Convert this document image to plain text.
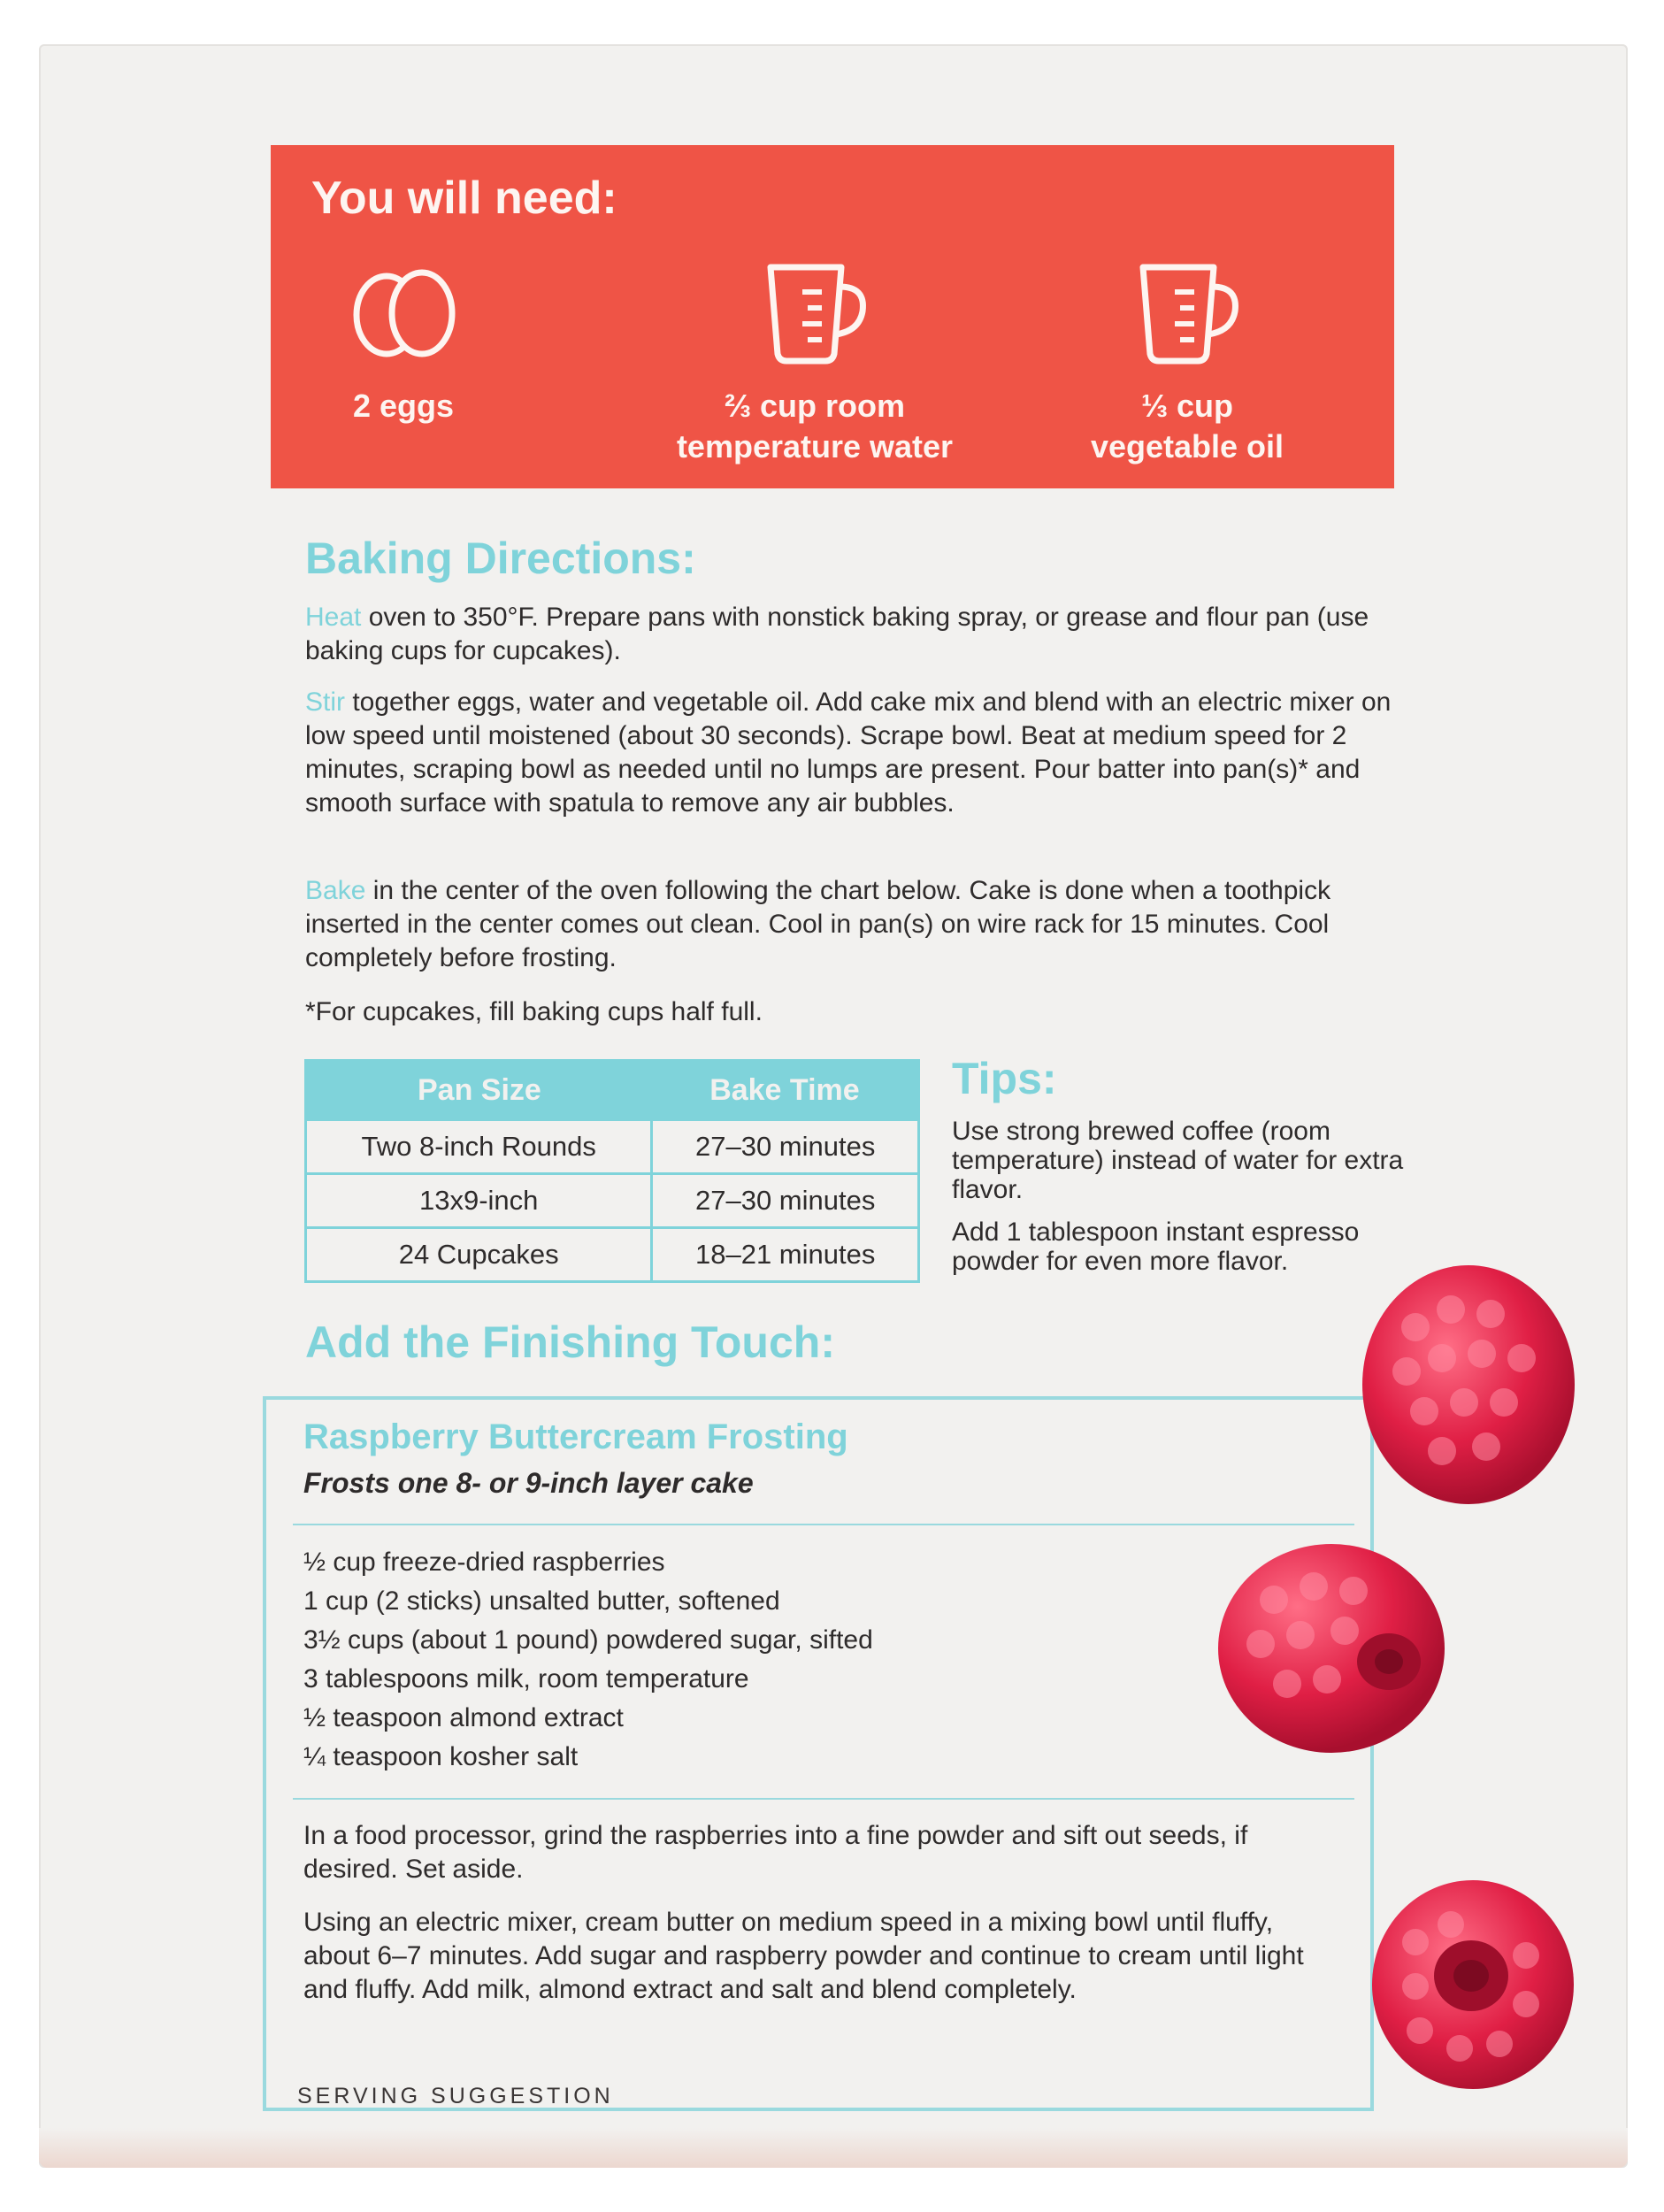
You will need:
2 eggs	⅔ cup room
temperature water
⅓ cup
vegetable oil
Baking Directions:
Heat oven to 350°F. Prepare pans with nonstick baking spray, or grease and flour pan (use baking cups for cupcakes).
Stir together eggs, water and vegetable oil. Add cake mix and blend with an electric mixer on low speed until moistened (about 30 seconds). Scrape bowl. Beat at medium speed for 2 minutes, scraping bowl as needed until no lumps are present. Pour batter into pan(s)* and smooth surface with spatula to remove any air bubbles.
Bake in the center of the oven following the chart below. Cake is done when a toothpick inserted in the center comes out clean. Cool in pan(s) on wire rack for 15 minutes. Cool completely before frosting.
*For cupcakes, fill baking cups half full.
Pan Size	Bake Time
Two 8-inch Rounds	27–30 minutes
13x9-inch	27–30 minutes
24 Cupcakes	18–21 minutes
Tips:
Use strong brewed coffee (room temperature) instead of water for extra flavor.
Add 1 tablespoon instant espresso powder for even more flavor.
Add the Finishing Touch:
Raspberry Buttercream Frosting
Frosts one 8- or 9-inch layer cake
½ cup freeze-dried raspberries
1 cup (2 sticks) unsalted butter, softened
3½ cups (about 1 pound) powdered sugar, sifted
3 tablespoons milk, room temperature
½ teaspoon almond extract
¼ teaspoon kosher salt
In a food processor, grind the raspberries into a fine powder and sift out seeds, if desired. Set aside.
Using an electric mixer, cream butter on medium speed in a mixing bowl until fluffy, about 6–7 minutes. Add sugar and raspberry powder and continue to cream until light and fluffy. Add milk, almond extract and salt and blend completely.
SERVING SUGGESTION
